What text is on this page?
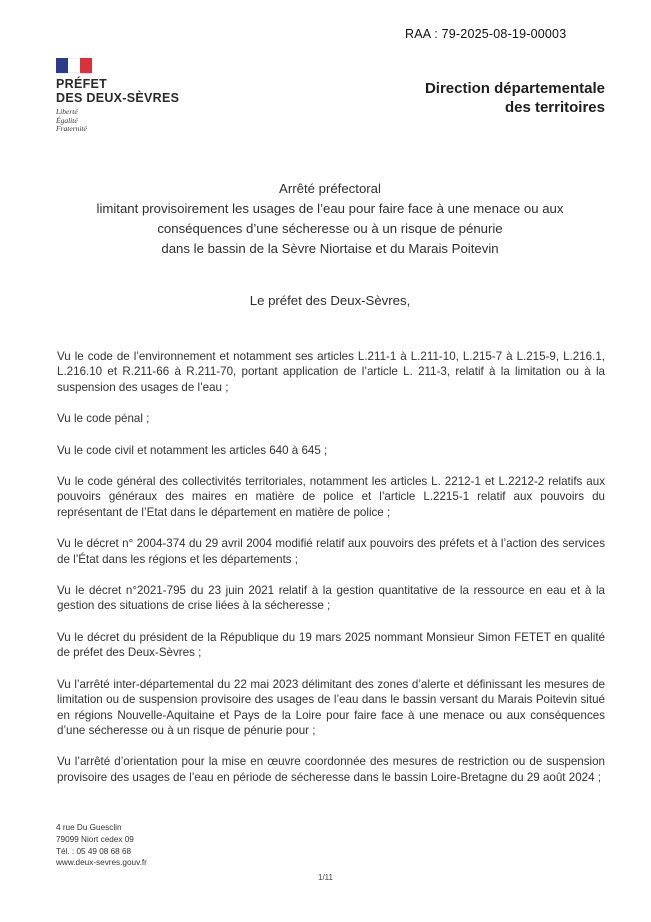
RAA : 79-2025-08-19-00003
PRÉFET
DES DEUX-SÈVRES
Liberté
Égalité
Fraternité
Direction départementale
des territoires
Arrêté préfectoral
limitant provisoirement les usages de l’eau pour faire face à une menace ou aux
conséquences d’une sécheresse ou à un risque de pénurie
dans le bassin de la Sèvre Niortaise et du Marais Poitevin
Le préfet des Deux-Sèvres,

Vu le code de l’environnement et notamment ses articles L.211-1 à L.211-10, L.215-7 à L.215-9, L.216.1, L.216.10 et R.211-66 à R.211-70, portant application de l’article L. 211-3, relatif à la limitation ou à la suspension des usages de l’eau ;

Vu le code pénal ;

Vu le code civil et notamment les articles 640 à 645 ;

Vu le code général des collectivités territoriales, notamment les articles L. 2212-1 et L.2212-2 relatifs aux pouvoirs généraux des maires en matière de police et l’article L.2215-1 relatif aux pouvoirs du représentant de l’Etat dans le département en matière de police ;

Vu le décret n° 2004-374 du 29 avril 2004 modifié relatif aux pouvoirs des préfets et à l’action des services de l’État dans les régions et les départements ;

Vu le décret n°2021-795 du 23 juin 2021 relatif à la gestion quantitative de la ressource en eau et à la gestion des situations de crise liées à la sécheresse ;

Vu le décret du président de la République du 19 mars 2025 nommant Monsieur Simon FETET en qualité de préfet des Deux-Sèvres ;

Vu l’arrêté inter-départemental du 22 mai 2023 délimitant des zones d’alerte et définissant les mesures de limitation ou de suspension provisoire des usages de l’eau dans le bassin versant du Marais Poitevin situé en régions Nouvelle-Aquitaine et Pays de la Loire pour faire face à une menace ou aux conséquences d’une sécheresse ou à un risque de pénurie pour ;

Vu l’arrêté d’orientation pour la mise en œuvre coordonnée des mesures de restriction ou de suspension provisoire des usages de l’eau en période de sécheresse dans le bassin Loire-Bretagne du 29 août 2024 ;

4 rue Du Guesclin
79099 Niort cedex 09
Tél. : 05 49 08 68 68
www.deux-sevres.gouv.fr
1/11
